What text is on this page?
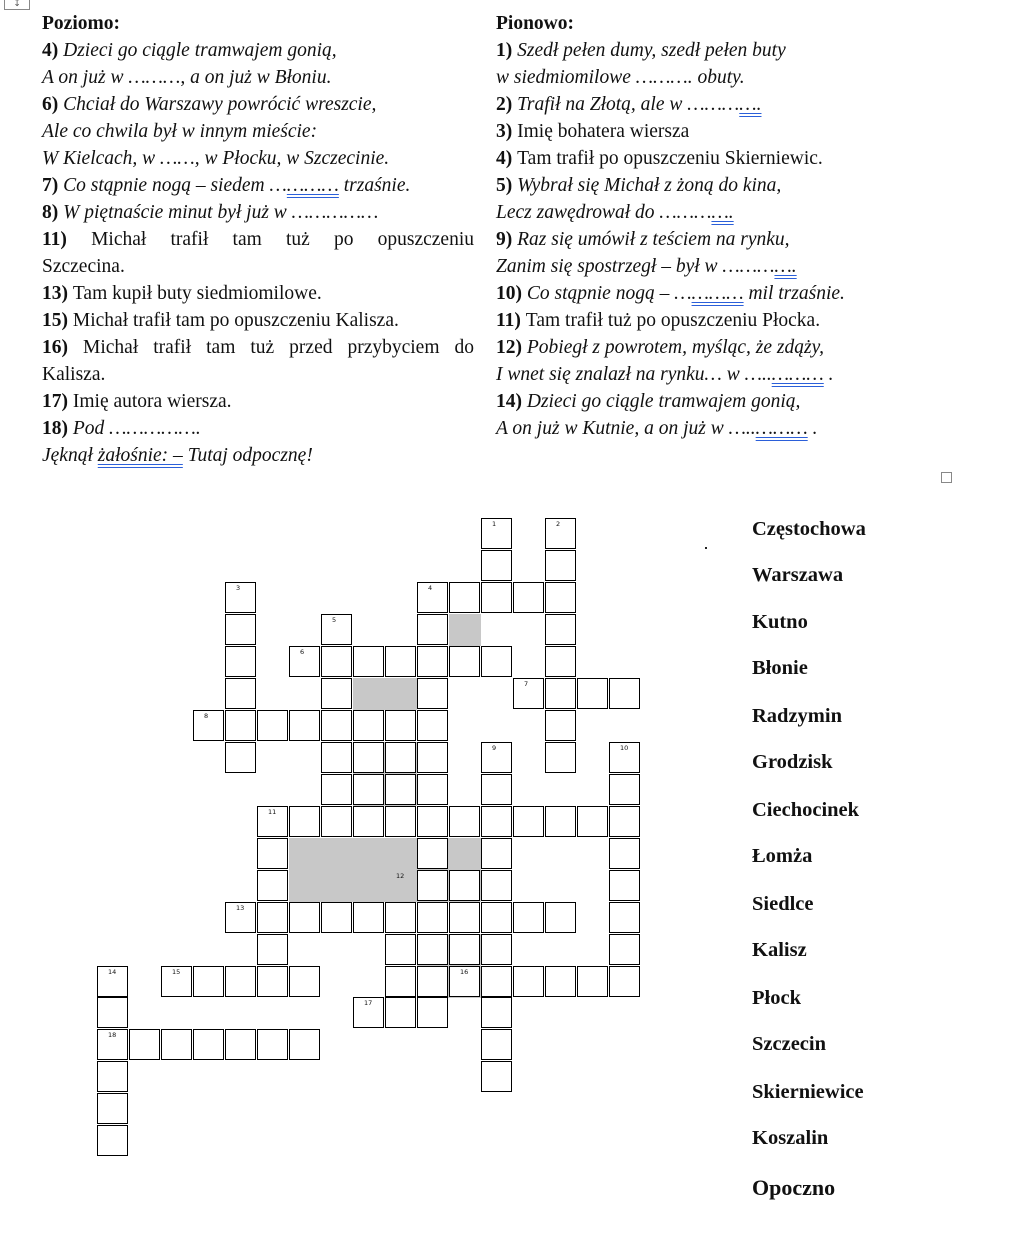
↧
Poziomo:
4) Dzieci go ciągle tramwajem gonią,
A on już w ………, a on już w Błoniu.
6) Chciał do Warszawy powrócić wreszcie,
Ale co chwila był w innym mieście:
W Kielcach, w ……, w Płocku, w Szczecinie.
7) Co stąpnie nogą – siedem ………… trzaśnie.
8) W piętnaście minut był już w ……………
11) Michał trafił tam tuż po opuszczeniu
Szczecina.
13) Tam kupił buty siedmiomilowe.
15) Michał trafił tam po opuszczeniu Kalisza.
16) Michał trafił tam tuż przed przybyciem do
Kalisza.
17) Imię autora wiersza.
18) Pod …………….
Jęknął żałośnie: – Tutaj odpocznę!
Pionowo:
1) Szedł pełen dumy, szedł pełen buty
w siedmiomilowe ………. obuty.
2) Trafił na Złotą, ale w ………….
3) Imię bohatera wiersza
4) Tam trafił po opuszczeniu Skierniewic.
5) Wybrał się Michał z żoną do kina,
Lecz zawędrował do ………….
9) Raz się umówił z teściem na rynku,
Zanim się spostrzegł – był w ………….
10) Co stąpnie nogą – ………… mil trzaśnie.
11) Tam trafił tuż po opuszczeniu Płocka.
12) Pobiegł z powrotem, myśląc, że zdąży,
I wnet się znalazł na rynku… w …..……… .
14) Dzieci go ciągle tramwajem gonią,
A on już w Kutnie, a on już w …..……… .
1	2
3	4
5
6
7
8
9	10
11
12
13
14	15	16
17
18
Częstochowa
Warszawa
Kutno
Błonie
Radzymin
Grodzisk
Ciechocinek
Łomża
Siedlce
Kalisz
Płock
Szczecin
Skierniewice
Koszalin
Opoczno
